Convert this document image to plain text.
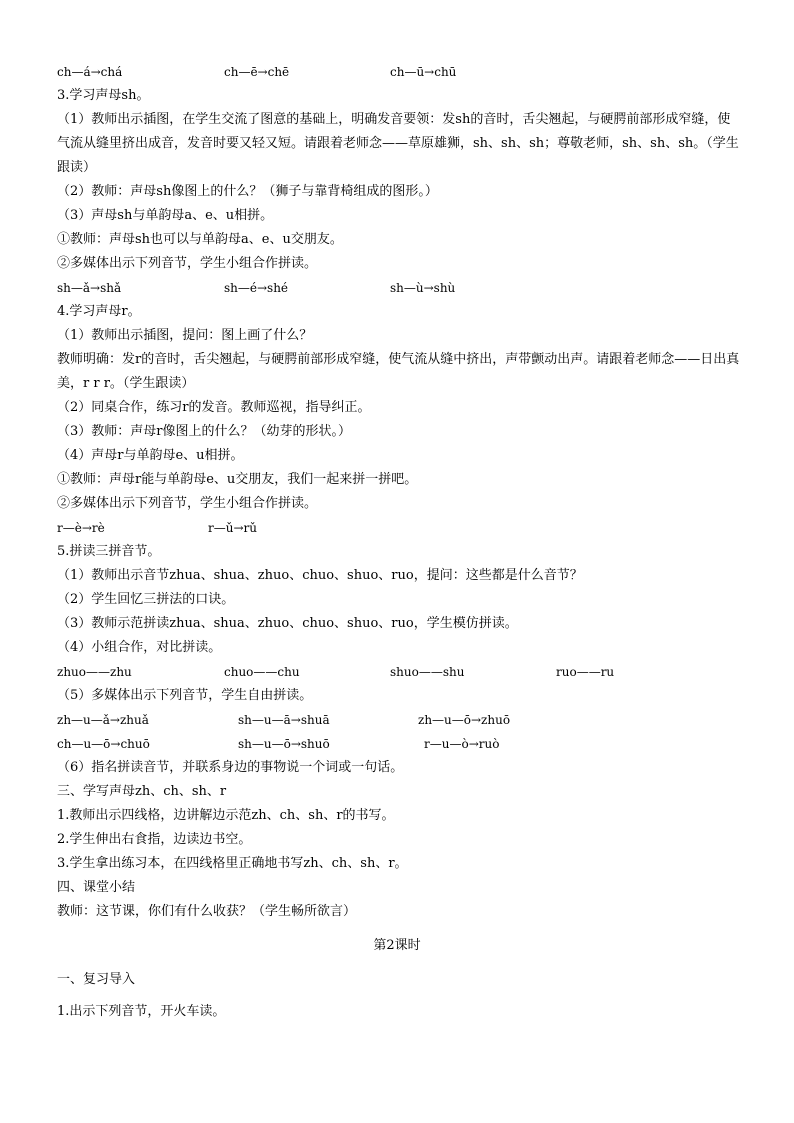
ch—á→chá	ch—ē→chē	ch—ū→chū
3.学习声母sh。
（1）教师出示插图，在学生交流了图意的基础上，明确发音要领：发sh的音时，舌尖翘起，与硬腭前部形成窄缝，使气流从缝里挤出成音，发音时要又轻又短。请跟着老师念——草原雄狮，sh、sh、sh；尊敬老师，sh、sh、sh。（学生跟读）
（2）教师：声母sh像图上的什么？（狮子与靠背椅组成的图形。）
（3）声母sh与单韵母a、e、u相拼。
①教师：声母sh也可以与单韵母a、e、u交朋友。
②多媒体出示下列音节，学生小组合作拼读。
sh—ǎ→shǎ	sh—é→shé	sh—ù→shù
4.学习声母r。
（1）教师出示插图，提问：图上画了什么？
教师明确：发r的音时，舌尖翘起，与硬腭前部形成窄缝，使气流从缝中挤出，声带颤动出声。请跟着老师念——日出真美，r r r。（学生跟读）
（2）同桌合作，练习r的发音。教师巡视，指导纠正。
（3）教师：声母r像图上的什么？（幼芽的形状。）
（4）声母r与单韵母e、u相拼。
①教师：声母r能与单韵母e、u交朋友，我们一起来拼一拼吧。
②多媒体出示下列音节，学生小组合作拼读。
r—è→rè	r—ǔ→rǔ
5.拼读三拼音节。
（1）教师出示音节zhua、shua、zhuo、chuo、shuo、ruo，提问：这些都是什么音节？
（2）学生回忆三拼法的口诀。
（3）教师示范拼读zhua、shua、zhuo、chuo、shuo、ruo，学生模仿拼读。
（4）小组合作，对比拼读。
zhuo——zhu	chuo——chu	shuo——shu	ruo——ru
（5）多媒体出示下列音节，学生自由拼读。
zh—u—ǎ→zhuǎ	sh—u—ā→shuā	zh—u—ō→zhuō
ch—u—ō→chuō	sh—u—ō→shuō	r—u—ò→ruò
（6）指名拼读音节，并联系身边的事物说一个词或一句话。
三、学写声母zh、ch、sh、r
1.教师出示四线格，边讲解边示范zh、ch、sh、r的书写。
2.学生伸出右食指，边读边书空。
3.学生拿出练习本，在四线格里正确地书写zh、ch、sh、r。
四、课堂小结
教师：这节课，你们有什么收获？（学生畅所欲言）
第2课时
一、复习导入
1.出示下列音节，开火车读。
